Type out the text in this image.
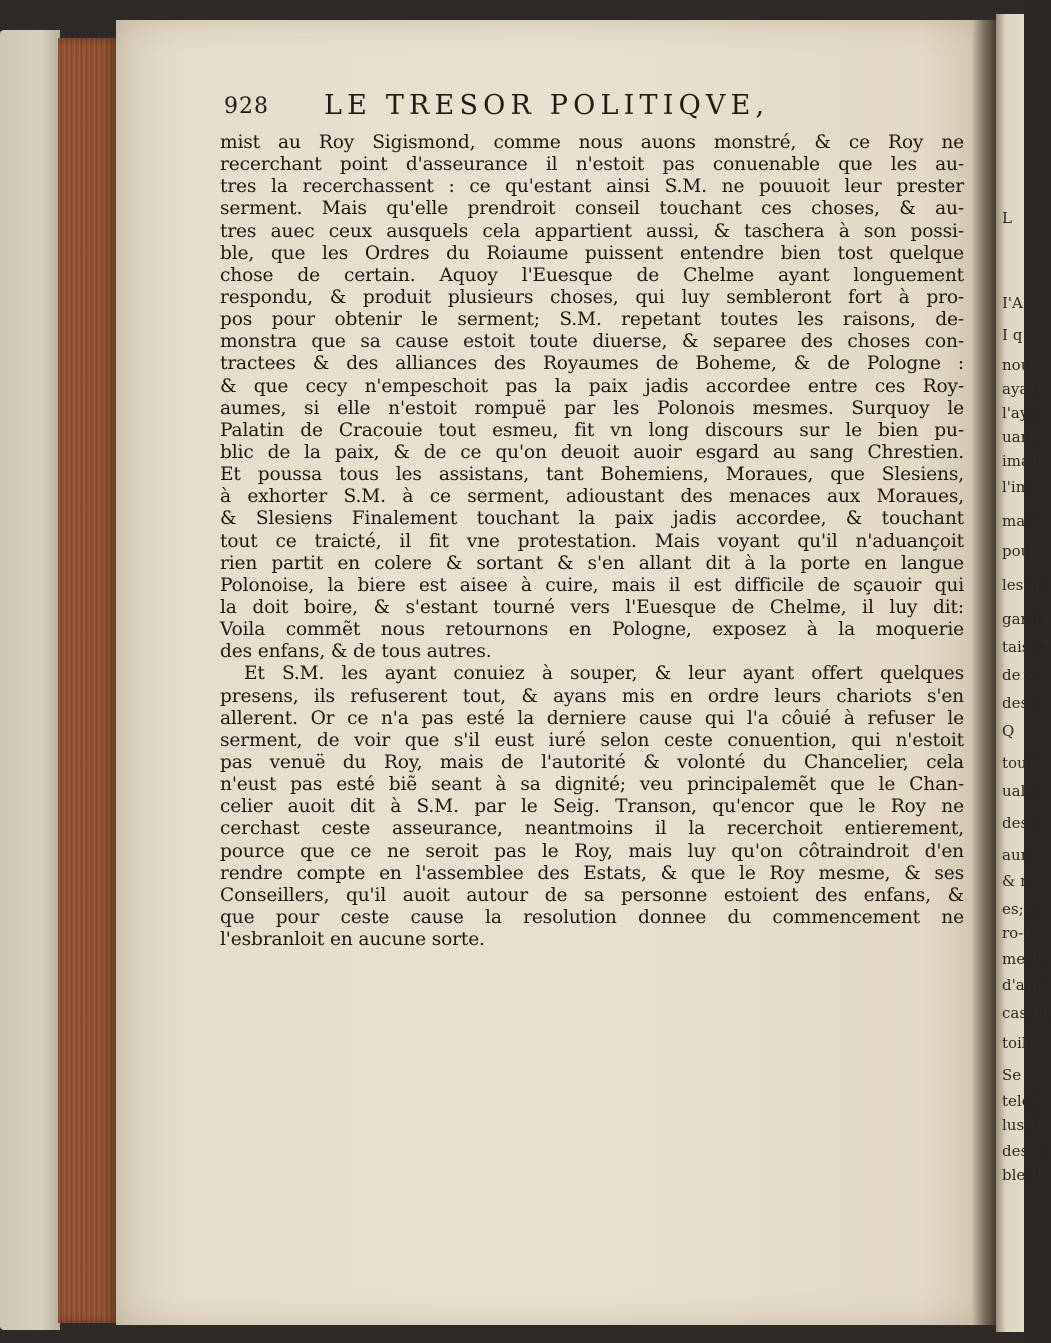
L
I'A
I q
nou
ayan
l'aye
uans
imag
l'imp
mais
pou
les ar
garde
taisch
de c
desp
Q
toull
uale
desv
aur
& m
es; t
ro-p
ment
d'aur
cas ou
toill
Se
tele l
lus d
desor
ble d
928 LE TRESOR POLITIQVE,
mist au Roy Sigismond, comme nous auons monstré, & ce Roy ne
recerchant point d'asseurance il n'estoit pas conuenable que les au-
tres la recerchassent : ce qu'estant ainsi S.M. ne pouuoit leur prester
serment. Mais qu'elle prendroit conseil touchant ces choses, & au-
tres auec ceux ausquels cela appartient aussi, & taschera à son possi-
ble, que les Ordres du Roiaume puissent entendre bien tost quelque
chose de certain. Aquoy l'Euesque de Chelme ayant longuement
respondu, & produit plusieurs choses, qui luy sembleront fort à pro-
pos pour obtenir le serment; S.M. repetant toutes les raisons, de-
monstra que sa cause estoit toute diuerse, & separee des choses con-
tractees & des alliances des Royaumes de Boheme, & de Pologne :
& que cecy n'empeschoit pas la paix jadis accordee entre ces Roy-
aumes, si elle n'estoit rompuë par les Polonois mesmes. Surquoy le
Palatin de Cracouie tout esmeu, fit vn long discours sur le bien pu-
blic de la paix, & de ce qu'on deuoit auoir esgard au sang Chrestien.
Et poussa tous les assistans, tant Bohemiens, Moraues, que Slesiens,
à exhorter S.M. à ce serment, adioustant des menaces aux Moraues,
& Slesiens Finalement touchant la paix jadis accordee, & touchant
tout ce traicté, il fit vne protestation. Mais voyant qu'il n'aduançoit
rien partit en colere & sortant & s'en allant dit à la porte en langue
Polonoise, la biere est aisee à cuire, mais il est difficile de sçauoir qui
la doit boire, & s'estant tourné vers l'Euesque de Chelme, il luy dit:
Voila commẽt nous retournons en Pologne, exposez à la moquerie
des enfans, & de tous autres.
Et S.M. les ayant conuiez à souper, & leur ayant offert quelques
presens, ils refuserent tout, & ayans mis en ordre leurs chariots s'en
allerent. Or ce n'a pas esté la derniere cause qui l'a côuié à refuser le
serment, de voir que s'il eust iuré selon ceste conuention, qui n'estoit
pas venuë du Roy, mais de l'autorité & volonté du Chancelier, cela
n'eust pas esté biẽ seant à sa dignité; veu principalemẽt que le Chan-
celier auoit dit à S.M. par le Seig. Transon, qu'encor que le Roy ne
cerchast ceste asseurance, neantmoins il la recerchoit entierement,
pource que ce ne seroit pas le Roy, mais luy qu'on côtraindroit d'en
rendre compte en l'assemblee des Estats, & que le Roy mesme, & ses
Conseillers, qu'il auoit autour de sa personne estoient des enfans, &
que pour ceste cause la resolution donnee du commencement ne
l'esbranloit en aucune sorte.
